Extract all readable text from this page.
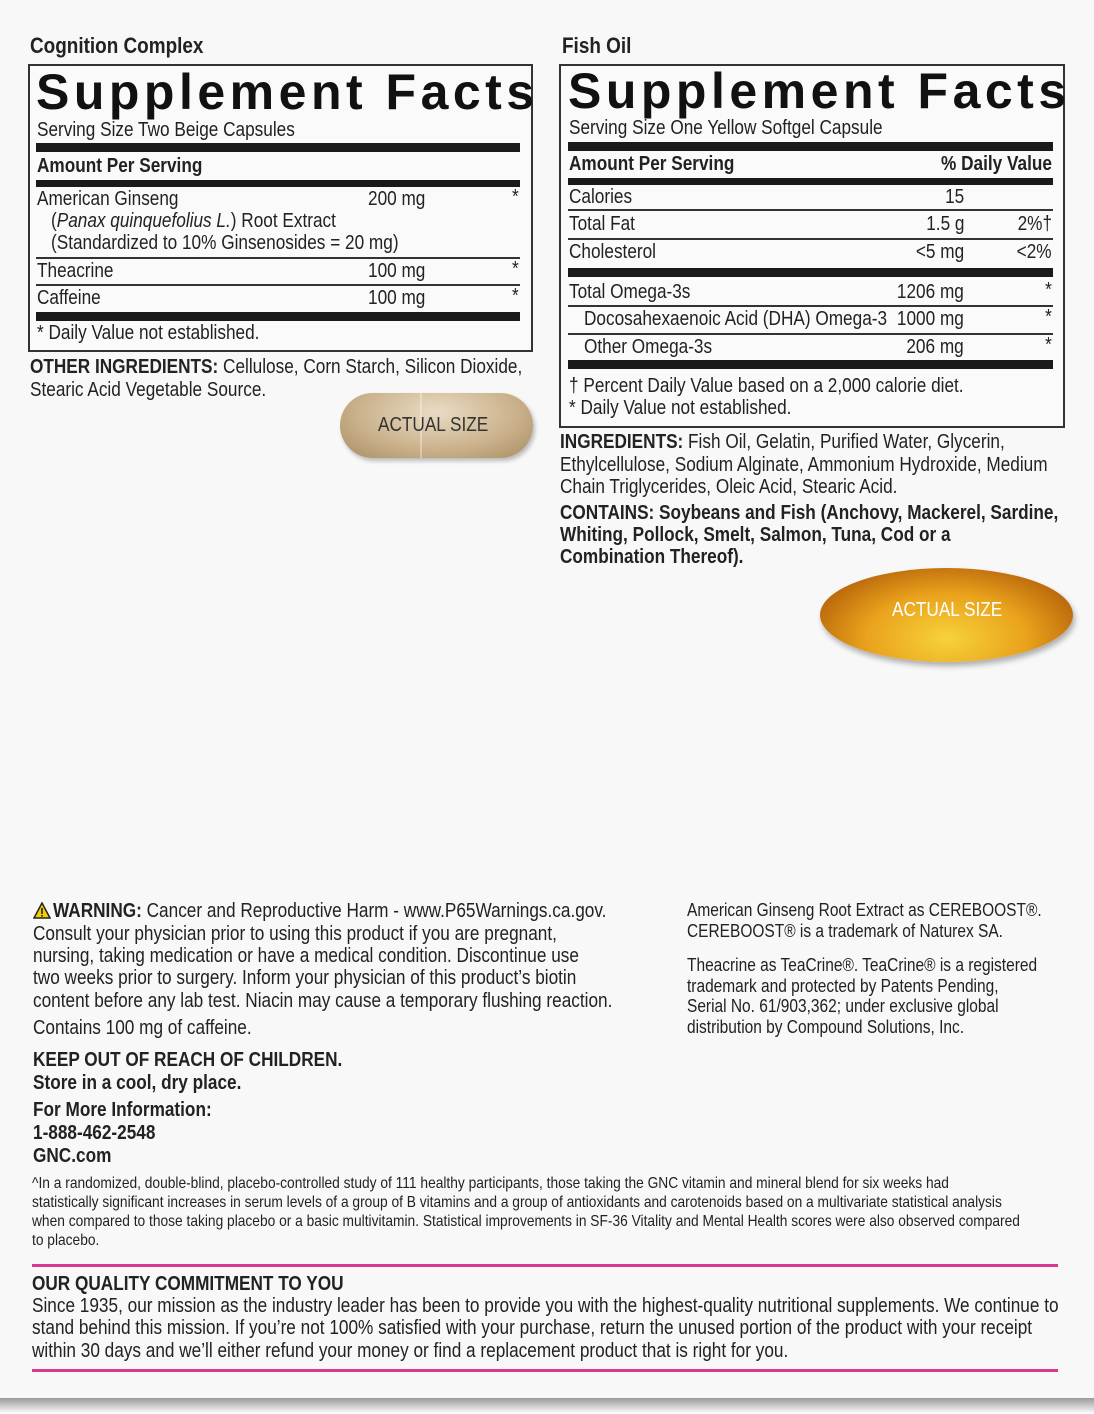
Cognition Complex
Supplement Facts
Serving Size Two Beige Capsules
Amount Per Serving
American Ginseng	200 mg	*
(Panax quinquefolius L.) Root Extract
(Standardized to 10% Ginsenosides = 20 mg)
Theacrine	100 mg	*
Caffeine	100 mg	*
* Daily Value not established.
OTHER INGREDIENTS: Cellulose, Corn Starch, Silicon Dioxide,
Stearic Acid Vegetable Source.
ACTUAL SIZE
Fish Oil
Supplement Facts
Serving Size One Yellow Softgel Capsule
Amount Per Serving	% Daily Value
Calories	15
Total Fat	1.5 g	2%†
Cholesterol	<5 mg	<2%
Total Omega-3s	1206 mg	*
Docosahexaenoic Acid (DHA) Omega-3 1000 mg	*
Other Omega-3s	206 mg	*
† Percent Daily Value based on a 2,000 calorie diet.
* Daily Value not established.
INGREDIENTS: Fish Oil, Gelatin, Purified Water, Glycerin,
Ethylcellulose, Sodium Alginate, Ammonium Hydroxide, Medium
Chain Triglycerides, Oleic Acid, Stearic Acid.
CONTAINS: Soybeans and Fish (Anchovy, Mackerel, Sardine,
Whiting, Pollock, Smelt, Salmon, Tuna, Cod or a
Combination Thereof).
ACTUAL SIZE
WARNING: Cancer and Reproductive Harm - www.P65Warnings.ca.gov.
Consult your physician prior to using this product if you are pregnant,
nursing, taking medication or have a medical condition. Discontinue use
two weeks prior to surgery. Inform your physician of this product’s biotin
content before any lab test. Niacin may cause a temporary flushing reaction.
Contains 100 mg of caffeine.
KEEP OUT OF REACH OF CHILDREN.
Store in a cool, dry place.
For More Information:
1-888-462-2548
GNC.com
American Ginseng Root Extract as CEREBOOST®.
CEREBOOST® is a trademark of Naturex SA.
Theacrine as TeaCrine®. TeaCrine® is a registered
trademark and protected by Patents Pending,
Serial No. 61/903,362; under exclusive global
distribution by Compound Solutions, Inc.
^In a randomized, double-blind, placebo-controlled study of 111 healthy participants, those taking the GNC vitamin and mineral blend for six weeks had
statistically significant increases in serum levels of a group of B vitamins and a group of antioxidants and carotenoids based on a multivariate statistical analysis
when compared to those taking placebo or a basic multivitamin. Statistical improvements in SF-36 Vitality and Mental Health scores were also observed compared
to placebo.
OUR QUALITY COMMITMENT TO YOU
Since 1935, our mission as the industry leader has been to provide you with the highest-quality nutritional supplements. We continue to
stand behind this mission. If you’re not 100% satisfied with your purchase, return the unused portion of the product with your receipt
within 30 days and we’ll either refund your money or find a replacement product that is right for you.
